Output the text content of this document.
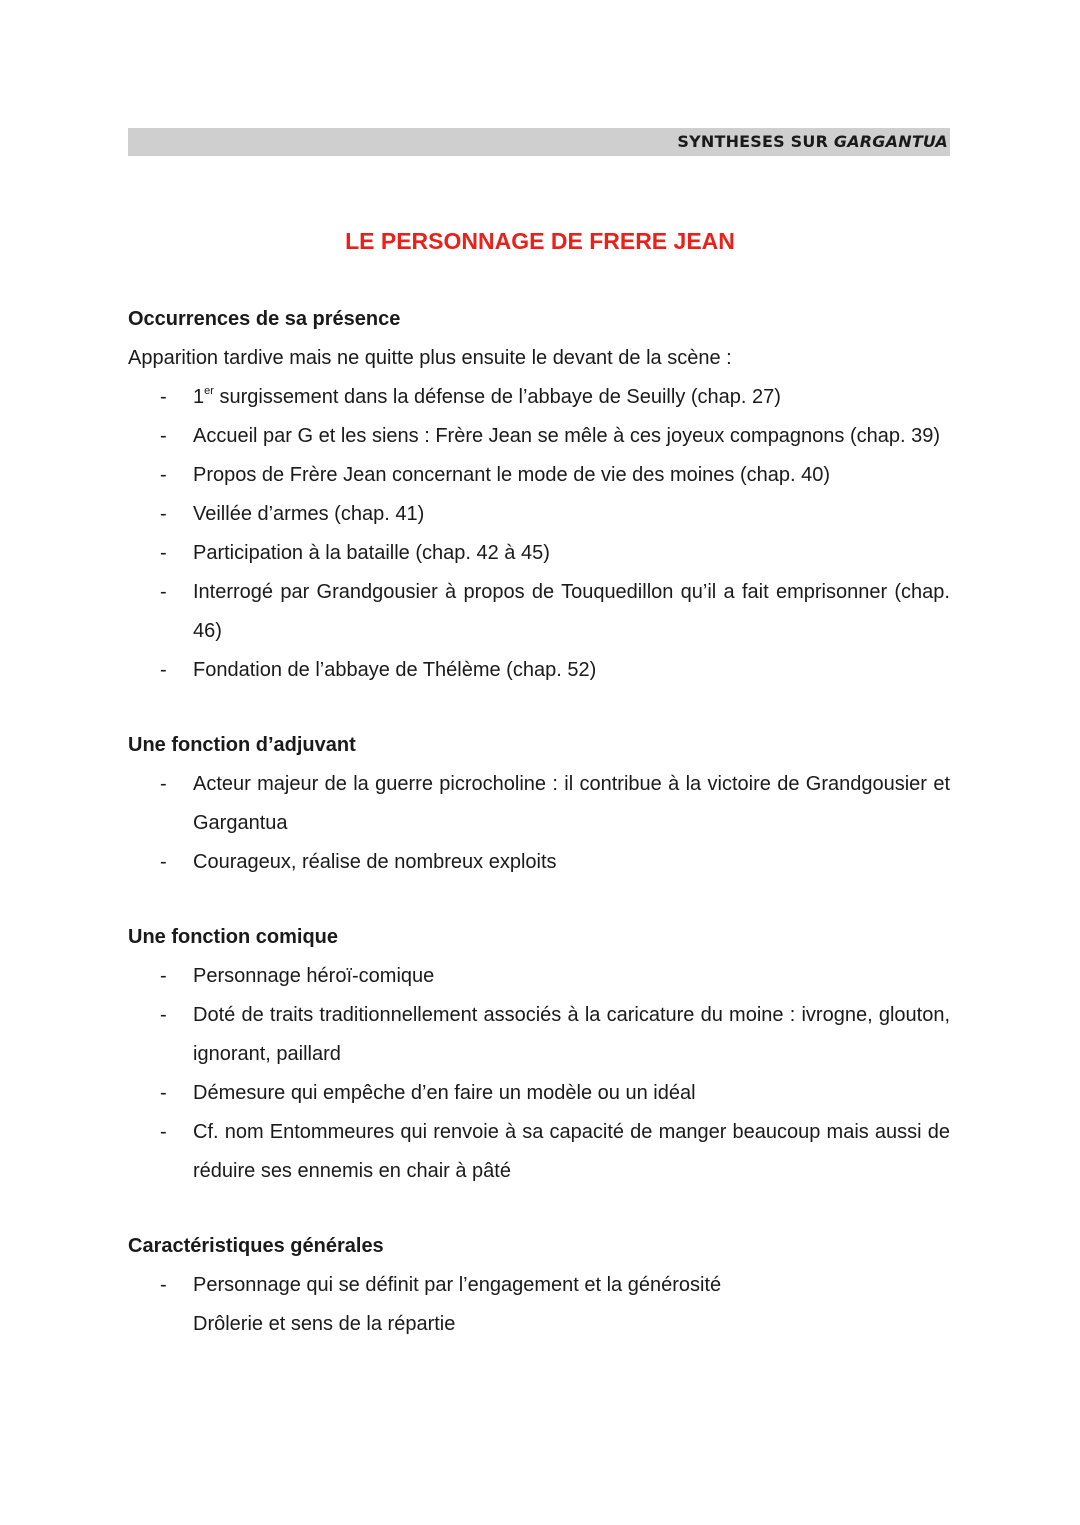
SYNTHESES SUR GARGANTUA
LE PERSONNAGE DE FRERE JEAN

Occurrences de sa présence

Apparition tardive mais ne quitte plus ensuite le devant de la scène :

- 1er surgissement dans la défense de l’abbaye de Seuilly (chap. 27)
- Accueil par G et les siens : Frère Jean se mêle à ces joyeux compagnons (chap. 39)
- Propos de Frère Jean concernant le mode de vie des moines (chap. 40)
- Veillée d’armes (chap. 41)
- Participation à la bataille (chap. 42 à 45)
- Interrogé par Grandgousier à propos de Touquedillon qu’il a fait emprisonner (chap. 46)
- Fondation de l’abbaye de Thélème (chap. 52)

Une fonction d’adjuvant

- Acteur majeur de la guerre picrocholine : il contribue à la victoire de Grandgousier et Gargantua
- Courageux, réalise de nombreux exploits

Une fonction comique

- Personnage héroï-comique
- Doté de traits traditionnellement associés à la caricature du moine : ivrogne, glouton, ignorant, paillard
- Démesure qui empêche d’en faire un modèle ou un idéal
- Cf. nom Entommeures qui renvoie à sa capacité de manger beaucoup mais aussi de réduire ses ennemis en chair à pâté

Caractéristiques générales

- Personnage qui se définit par l’engagement et la générosité
Drôlerie et sens de la répartie
